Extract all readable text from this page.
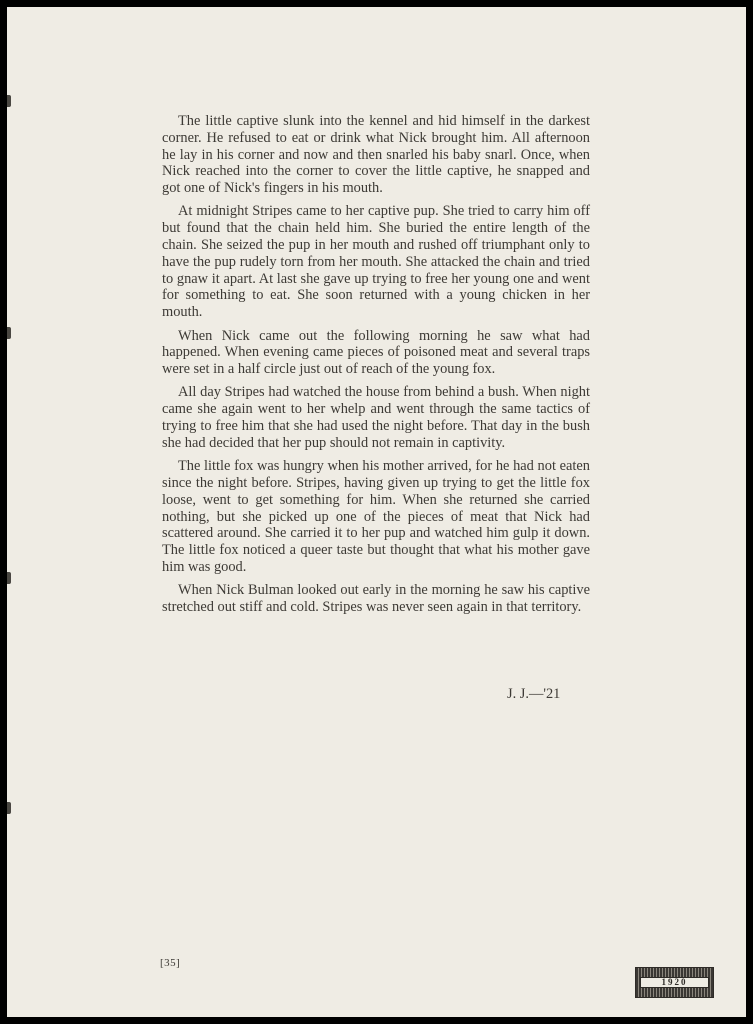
The little captive slunk into the kennel and hid himself in the darkest corner. He refused to eat or drink what Nick brought him. All afternoon he lay in his corner and now and then snarled his baby snarl. Once, when Nick reached into the corner to cover the little captive, he snapped and got one of Nick's fingers in his mouth.

At midnight Stripes came to her captive pup. She tried to carry him off but found that the chain held him. She buried the entire length of the chain. She seized the pup in her mouth and rushed off triumphant only to have the pup rudely torn from her mouth. She attacked the chain and tried to gnaw it apart. At last she gave up trying to free her young one and went for something to eat. She soon returned with a young chicken in her mouth.

When Nick came out the following morning he saw what had happened. When evening came pieces of poisoned meat and several traps were set in a half circle just out of reach of the young fox.

All day Stripes had watched the house from behind a bush. When night came she again went to her whelp and went through the same tactics of trying to free him that she had used the night before. That day in the bush she had decided that her pup should not remain in captivity.

The little fox was hungry when his mother arrived, for he had not eaten since the night before. Stripes, having given up trying to get the little fox loose, went to get something for him. When she returned she carried nothing, but she picked up one of the pieces of meat that Nick had scattered around. She carried it to her pup and watched him gulp it down. The little fox noticed a queer taste but thought that what his mother gave him was good.

When Nick Bulman looked out early in the morning he saw his captive stretched out stiff and cold. Stripes was never seen again in that territory.

J. J.—'21
[35]
1920
